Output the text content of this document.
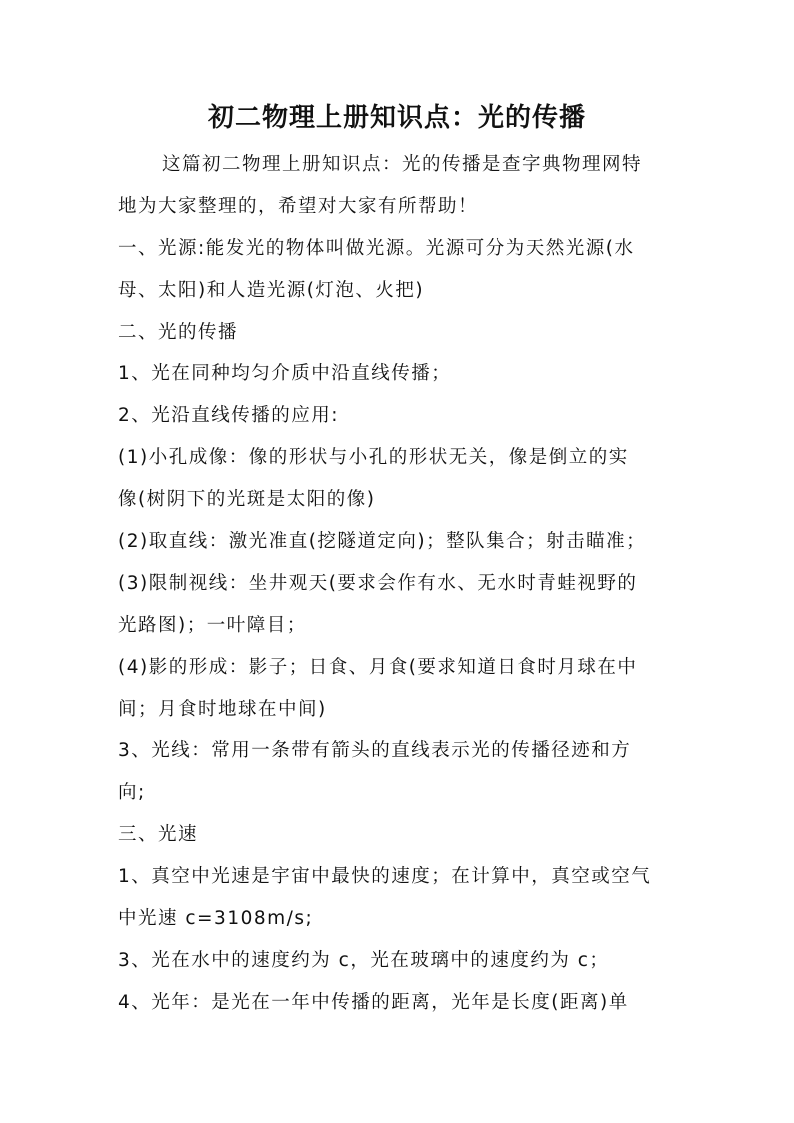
初二物理上册知识点：光的传播
这篇初二物理上册知识点：光的传播是查字典物理网特
地为大家整理的，希望对大家有所帮助！
一、光源:能发光的物体叫做光源。光源可分为天然光源(水
母、太阳)和人造光源(灯泡、火把)
二、光的传播
1、光在同种均匀介质中沿直线传播；
2、光沿直线传播的应用:
(1)小孔成像：像的形状与小孔的形状无关，像是倒立的实
像(树阴下的光斑是太阳的像)
(2)取直线：激光准直(挖隧道定向)；整队集合；射击瞄准；
(3)限制视线：坐井观天(要求会作有水、无水时青蛙视野的
光路图)；一叶障目；
(4)影的形成：影子；日食、月食(要求知道日食时月球在中
间；月食时地球在中间)
3、光线：常用一条带有箭头的直线表示光的传播径迹和方
向;
三、光速
1、真空中光速是宇宙中最快的速度；在计算中，真空或空气
中光速 c=3108m/s;
3、光在水中的速度约为 c，光在玻璃中的速度约为 c；
4、光年：是光在一年中传播的距离，光年是长度(距离)单
